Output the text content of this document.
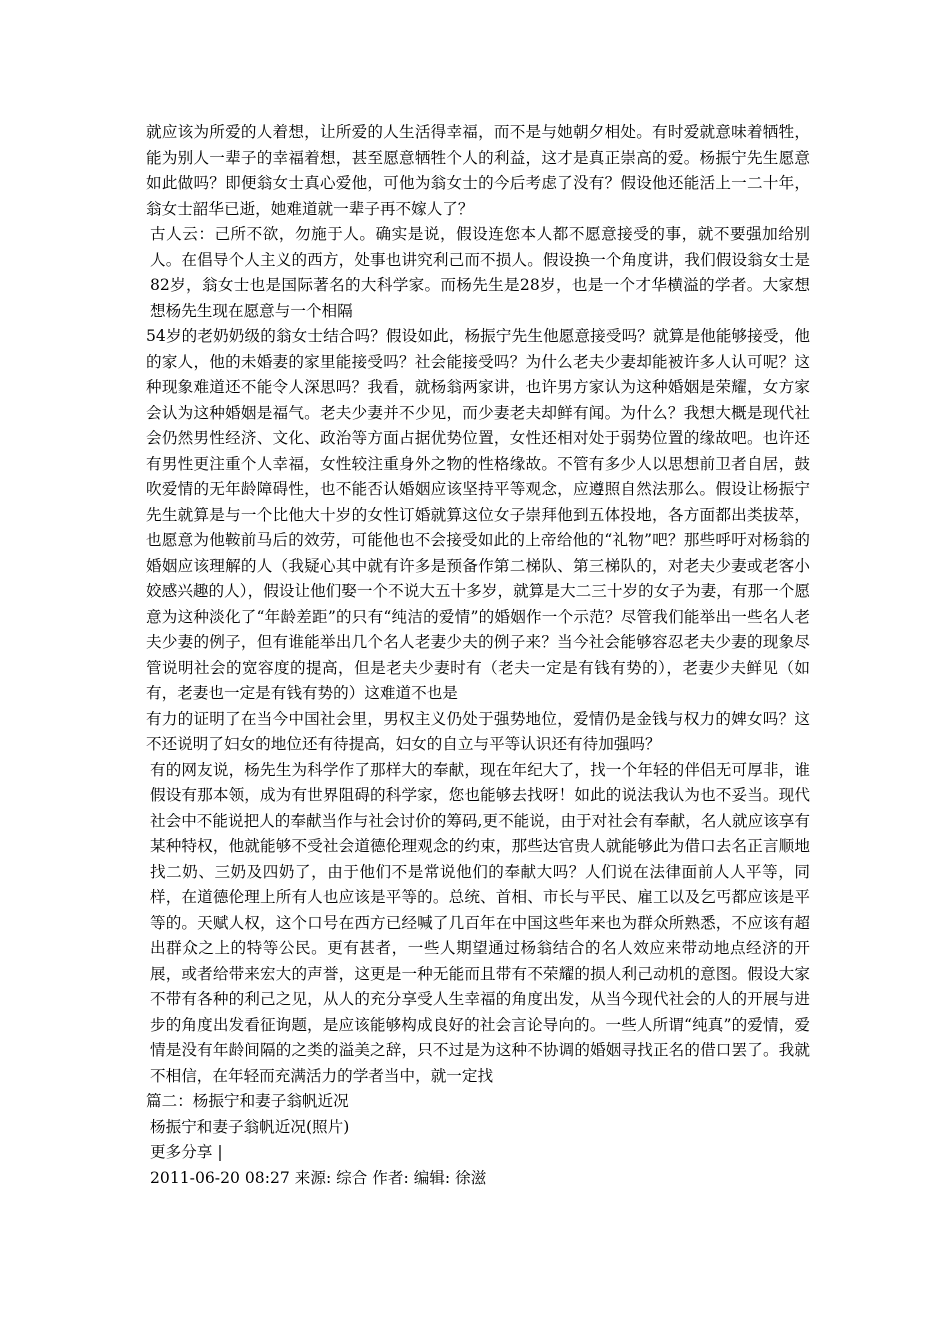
就应该为所爱的人着想，让所爱的人生活得幸福，而不是与她朝夕相处。有时爱就意味着牺牲，能为别人一辈子的幸福着想，甚至愿意牺牲个人的利益，这才是真正崇高的爱。杨振宁先生愿意如此做吗？即便翁女士真心爱他，可他为翁女士的今后考虑了没有？假设他还能活上一二十年，翁女士韶华已逝，她难道就一辈子再不嫁人了？

古人云：己所不欲，勿施于人。确实是说，假设连您本人都不愿意接受的事，就不要强加给别人。在倡导个人主义的西方，处事也讲究利己而不损人。假设换一个角度讲，我们假设翁女士是82岁，翁女士也是国际著名的大科学家。而杨先生是28岁，也是一个才华横溢的学者。大家想想杨先生现在愿意与一个相隔

54岁的老奶奶级的翁女士结合吗？假设如此，杨振宁先生他愿意接受吗？就算是他能够接受，他的家人，他的未婚妻的家里能接受吗？社会能接受吗？为什么老夫少妻却能被许多人认可呢？这种现象难道还不能令人深思吗？我看，就杨翁两家讲，也许男方家认为这种婚姻是荣耀，女方家会认为这种婚姻是福气。老夫少妻并不少见，而少妻老夫却鲜有闻。为什么？我想大概是现代社会仍然男性经济、文化、政治等方面占据优势位置，女性还相对处于弱势位置的缘故吧。也许还有男性更注重个人幸福，女性较注重身外之物的性格缘故。不管有多少人以思想前卫者自居，鼓吹爱情的无年龄障碍性，也不能否认婚姻应该坚持平等观念，应遵照自然法那么。假设让杨振宁先生就算是与一个比他大十岁的女性订婚就算这位女子崇拜他到五体投地，各方面都出类拔萃，也愿意为他鞍前马后的效劳，可能他也不会接受如此的上帝给他的“礼物”吧？那些呼吁对杨翁的婚姻应该理解的人（我疑心其中就有许多是预备作第二梯队、第三梯队的，对老夫少妻或老客小姣感兴趣的人），假设让他们娶一个不说大五十多岁，就算是大二三十岁的女子为妻，有那一个愿意为这种淡化了“年龄差距”的只有“纯洁的爱情”的婚姻作一个示范？尽管我们能举出一些名人老夫少妻的例子，但有谁能举出几个名人老妻少夫的例子来？当今社会能够容忍老夫少妻的现象尽管说明社会的宽容度的提高，但是老夫少妻时有（老夫一定是有钱有势的），老妻少夫鲜见（如有，老妻也一定是有钱有势的）这难道不也是

有力的证明了在当今中国社会里，男权主义仍处于强势地位，爱情仍是金钱与权力的婢女吗？这不还说明了妇女的地位还有待提高，妇女的自立与平等认识还有待加强吗？

有的网友说，杨先生为科学作了那样大的奉献，现在年纪大了，找一个年轻的伴侣无可厚非，谁假设有那本领，成为有世界阻碍的科学家，您也能够去找呀！如此的说法我认为也不妥当。现代社会中不能说把人的奉献当作与社会讨价的筹码,更不能说，由于对社会有奉献，名人就应该享有某种特权，他就能够不受社会道德伦理观念的约束，那些达官贵人就能够此为借口去名正言顺地找二奶、三奶及四奶了，由于他们不是常说他们的奉献大吗？人们说在法律面前人人平等，同样，在道德伦理上所有人也应该是平等的。总统、首相、市长与平民、雇工以及乞丐都应该是平等的。天赋人权，这个口号在西方已经喊了几百年在中国这些年来也为群众所熟悉，不应该有超出群众之上的特等公民。更有甚者，一些人期望通过杨翁结合的名人效应来带动地点经济的开展，或者给带来宏大的声誉，这更是一种无能而且带有不荣耀的损人利己动机的意图。假设大家不带有各种的利己之见，从人的充分享受人生幸福的角度出发，从当今现代社会的人的开展与进步的角度出发看征询题，是应该能够构成良好的社会言论导向的。一些人所谓“纯真”的爱情，爱情是没有年龄间隔的之类的溢美之辞，只不过是为这种不协调的婚姻寻找正名的借口罢了。我就不相信，在年轻而充满活力的学者当中，就一定找

篇二：杨振宁和妻子翁帆近况

杨振宁和妻子翁帆近况(照片)

更多分享 |

2011-06-20 08:27 来源: 综合 作者: 编辑: 徐滋
